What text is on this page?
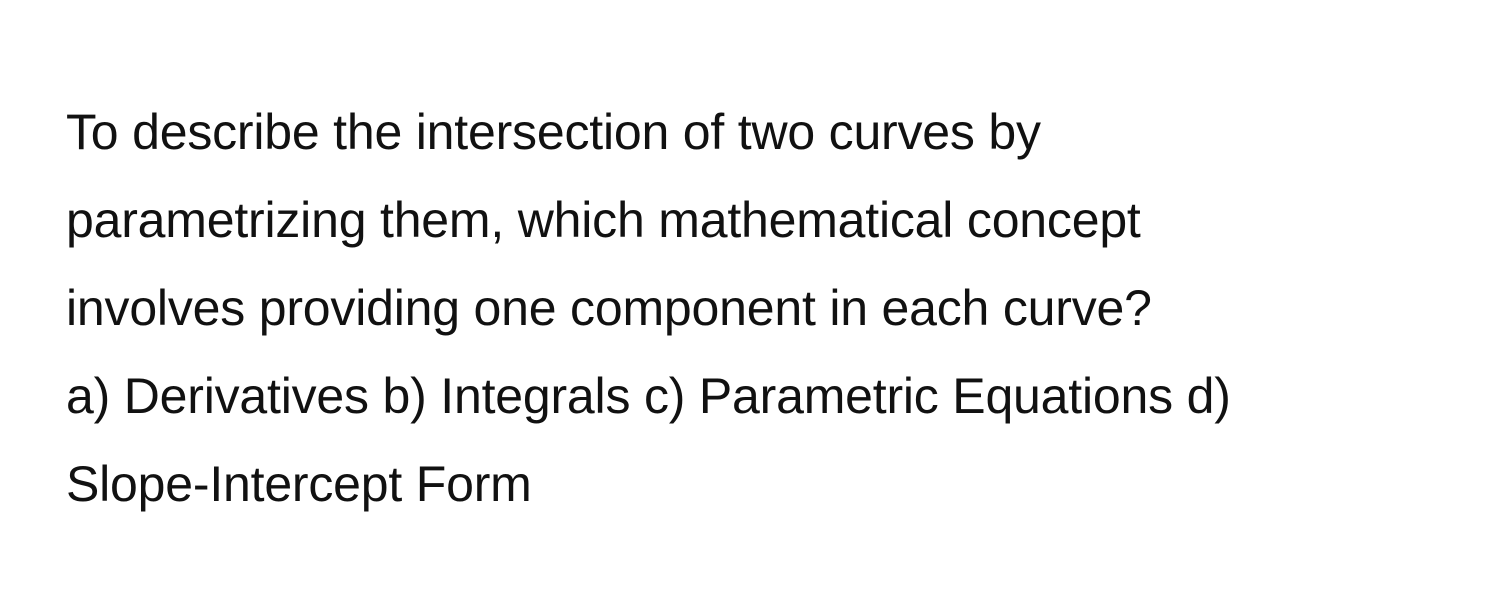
To describe the intersection of two curves by
parametrizing them, which mathematical concept
involves providing one component in each curve?
a) Derivatives b) Integrals c) Parametric Equations d)
Slope-Intercept Form
